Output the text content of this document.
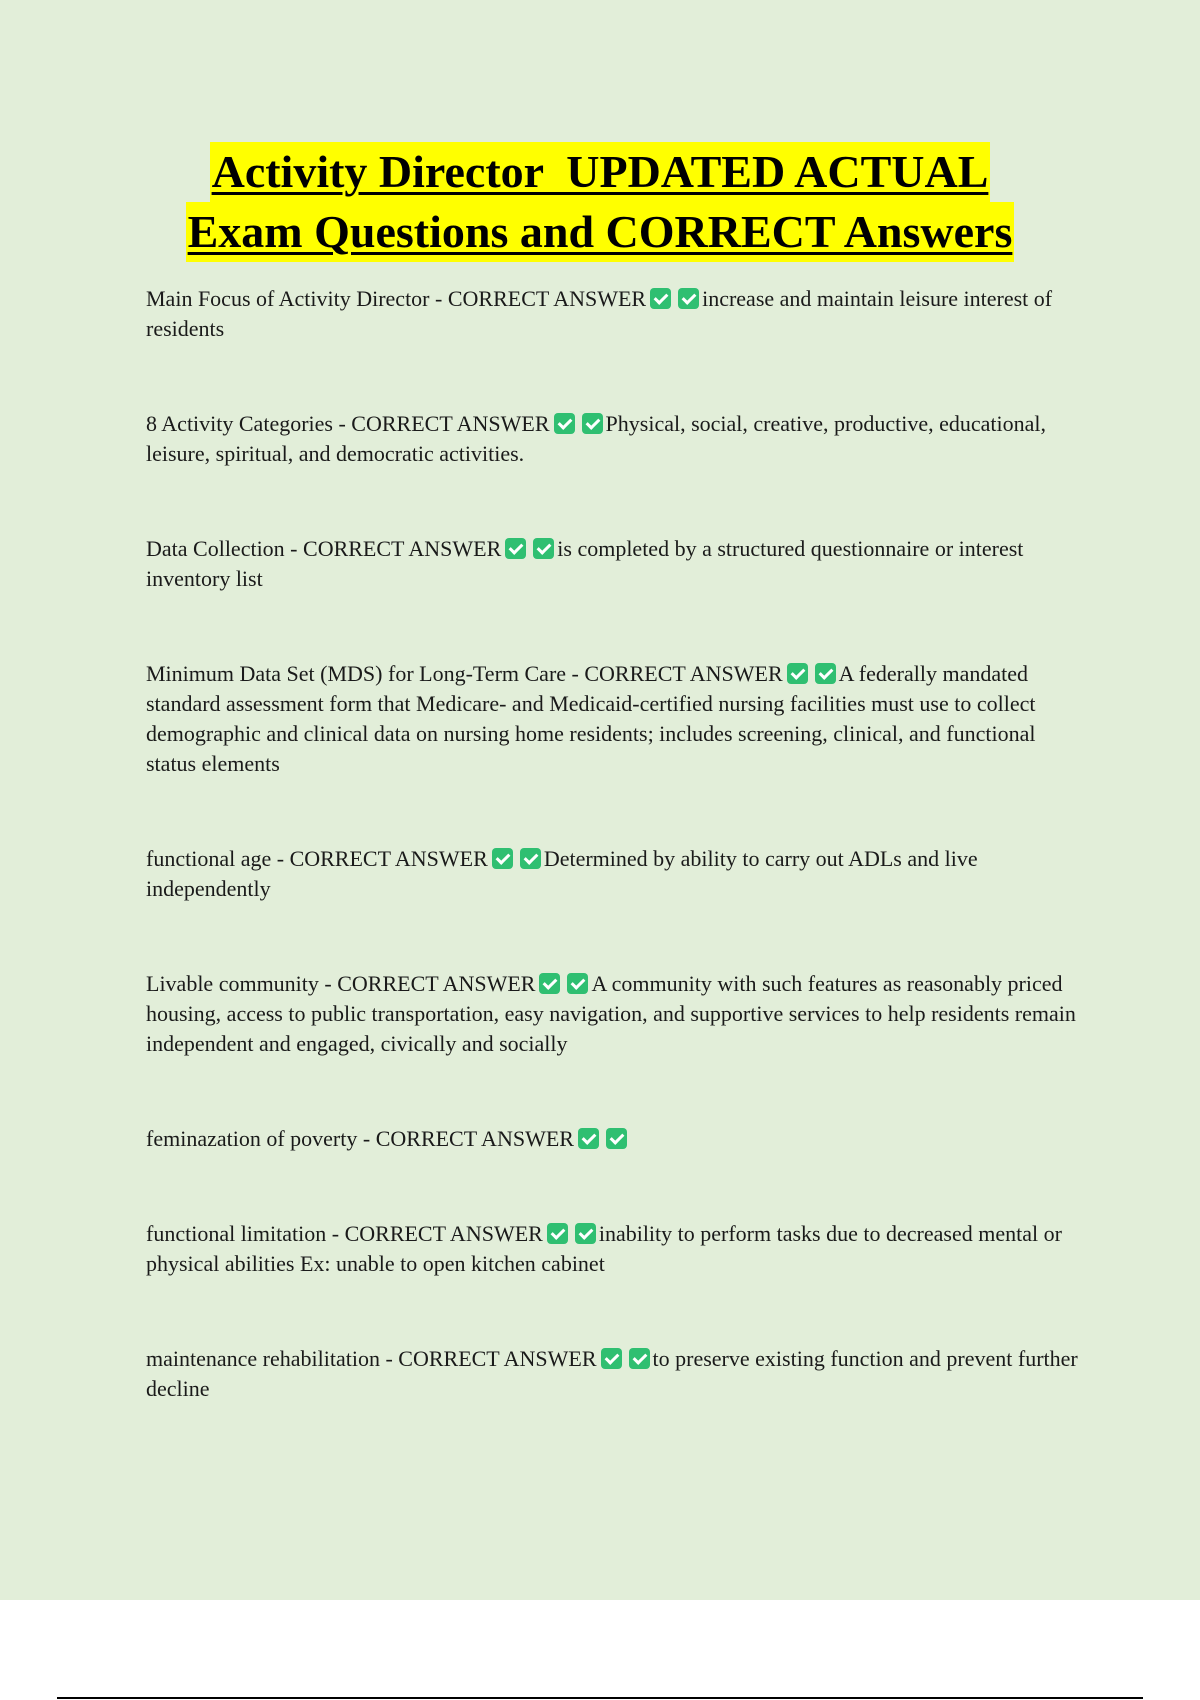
Activity Director  UPDATED ACTUAL
Exam Questions and CORRECT Answers
Main Focus of Activity Director - CORRECT ANSWER	increase and maintain leisure interest of residents
8 Activity Categories - CORRECT ANSWER	Physical, social, creative, productive, educational, leisure, spiritual, and democratic activities.
Data Collection - CORRECT ANSWER	is completed by a structured questionnaire or interest inventory list
Minimum Data Set (MDS) for Long-Term Care - CORRECT ANSWER	A federally mandated standard assessment form that Medicare- and Medicaid-certified nursing facilities must use to collect demographic and clinical data on nursing home residents; includes screening, clinical, and functional status elements
functional age - CORRECT ANSWER	Determined by ability to carry out ADLs and live independently
Livable community - CORRECT ANSWER	A community with such features as reasonably priced housing, access to public transportation, easy navigation, and supportive services to help residents remain independent and engaged, civically and socially
feminazation of poverty - CORRECT ANSWER
functional limitation - CORRECT ANSWER	inability to perform tasks due to decreased mental or physical abilities Ex: unable to open kitchen cabinet
maintenance rehabilitation - CORRECT ANSWER	to preserve existing function and prevent further decline
